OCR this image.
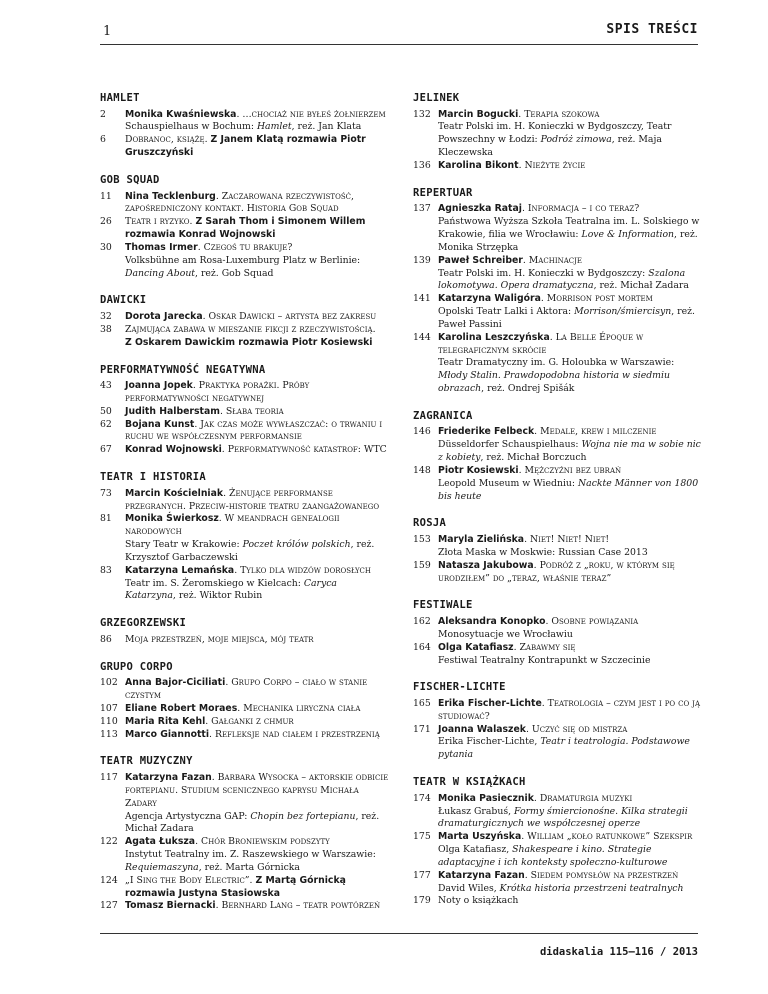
1	SPIS TREŚCI
HAMLET
2	Monika Kwaśniewska. …chociaż nie byłeś żołnierzem
Schauspielhaus w Bochum: Hamlet, reż. Jan Klata
6	Dobranoc, książę. Z Janem Klatą rozmawia Piotr Gruszczyński
GOB SQUAD
11	Nina Tecklenburg. Zaczarowana rzeczywistość, zapośredniczony kontakt. Historia Gob Squad
26	Teatr i ryzyko. Z Sarah Thom i Simonem Willem rozmawia Konrad Wojnowski
30	Thomas Irmer. Czegoś tu brakuje?
Volksbühne am Rosa-Luxemburg Platz w Berlinie: Dancing About, reż. Gob Squad
DAWICKI
32	Dorota Jarecka. Oskar Dawicki – artysta bez zakresu
38	Zajmująca zabawa w mieszanie fikcji z rzeczywistością.
Z Oskarem Dawickim rozmawia Piotr Kosiewski
PERFORMATYWNOŚĆ NEGATYWNA
43	Joanna Jopek. Praktyka porażki. Próby performatywności negatywnej
50	Judith Halberstam. Słaba teoria
62	Bojana Kunst. Jak czas może wywłaszczać: o trwaniu i ruchu we współczesnym performansie
67	Konrad Wojnowski. Performatywność katastrof: WTC
TEATR I HISTORIA
73	Marcin Kościelniak. Żenujące performanse przegranych. Przeciw-historie teatru zaangażowanego
81	Monika Świerkosz. W meandrach genealogii narodowych
Stary Teatr w Krakowie: Poczet królów polskich, reż. Krzysztof Garbaczewski
83	Katarzyna Lemańska. Tylko dla widzów dorosłych
Teatr im. S. Żeromskiego w Kielcach: Caryca Katarzyna, reż. Wiktor Rubin
GRZEGORZEWSKI
86	Moja przestrzeń, moje miejsca, mój teatr
GRUPO CORPO
102 Anna Bajor-Ciciliati. Grupo Corpo – ciało w stanie czystym
107 Eliane Robert Moraes. Mechanika liryczna ciała
110 Maria Rita Kehl. Gałganki z chmur
113 Marco Giannotti. Refleksje nad ciałem i przestrzenią
TEATR MUZYCZNY
117 Katarzyna Fazan. Barbara Wysocka – aktorskie odbicie fortepianu. Studium scenicznego kaprysu Michała Zadary
Agencja Artystyczna GAP: Chopin bez fortepianu, reż. Michał Zadara
122 Agata Łuksza. Chór Broniewskim podszyty
Instytut Teatralny im. Z. Raszewskiego w Warszawie: Requiemaszyna, reż. Marta Górnicka
124 „I Sing the Body Electric”. Z Martą Górnicką rozmawia Justyna Stasiowska
127 Tomasz Biernacki. Bernhard Lang – teatr powtórzeń
JELINEK
132 Marcin Bogucki. Terapia szokowa
Teatr Polski im. H. Konieczki w Bydgoszczy, Teatr Powszechny w Łodzi: Podróż zimowa, reż. Maja Kleczewska
136 Karolina Bikont. Nieżyte życie
REPERTUAR
137 Agnieszka Rataj. Informacja – i co teraz?
Państwowa Wyższa Szkoła Teatralna im. L. Solskiego w Krakowie, filia we Wrocławiu: Love & Information, reż. Monika Strzępka
139 Paweł Schreiber. Machinacje
Teatr Polski im. H. Konieczki w Bydgoszczy: Szalona lokomotywa. Opera dramatyczna, reż. Michał Zadara
141 Katarzyna Waligóra. Morrison post mortem
Opolski Teatr Lalki i Aktora: Morrison/śmiercisyn, reż. Paweł Passini
144 Karolina Leszczyńska. La Belle Époque w telegraficznym skrócie
Teatr Dramatyczny im. G. Holoubka w Warszawie: Młody Stalin. Prawdopodobna historia w siedmiu obrazach, reż. Ondrej Spišák
ZAGRANICA
146 Friederike Felbeck. Medale, krew i milczenie
Düsseldorfer Schauspielhaus: Wojna nie ma w sobie nic z kobiety, reż. Michał Borczuch
148 Piotr Kosiewski. Mężczyźni bez ubrań
Leopold Museum w Wiedniu: Nackte Männer von 1800 bis heute
ROSJA
153 Maryla Zielińska. Niet! Niet! Niet!
Złota Maska w Moskwie: Russian Case 2013
159 Natasza Jakubowa. Podróż z „roku, w którym się urodziłem” do „teraz, właśnie teraz”
FESTIWALE
162 Aleksandra Konopko. Osobne powiązania
Monosytuacje we Wrocławiu
164 Olga Katafiasz. Zabawmy się
Festiwal Teatralny Kontrapunkt w Szczecinie
FISCHER-LICHTE
165 Erika Fischer-Lichte. Teatrologia – czym jest i po co ją studiować?
171 Joanna Walaszek. Uczyć się od mistrza
Erika Fischer-Lichte, Teatr i teatrologia. Podstawowe pytania
TEATR W KSIĄŻKACH
174 Monika Pasiecznik. Dramaturgia muzyki
Łukasz Grabuś, Formy śmiercionośne. Kilka strategii dramaturgicznych we współczesnej operze
175 Marta Uszyńska. William „koło ratunkowe” Szekspir
Olga Katafiasz, Shakespeare i kino. Strategie adaptacyjne i ich konteksty społeczno-kulturowe
177 Katarzyna Fazan. Siedem pomysłów na przestrzeń
David Wiles, Krótka historia przestrzeni teatralnych
179 Noty o książkach
didaskalia 115–116 / 2013
